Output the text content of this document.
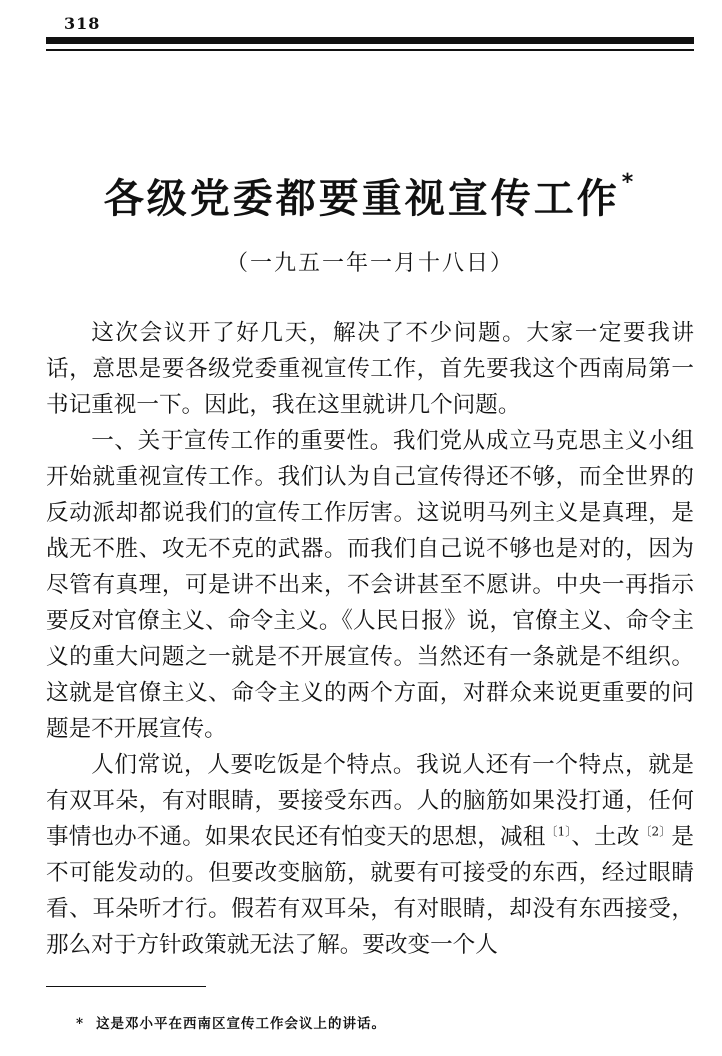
318
各级党委都要重视宣传工作*
（一九五一年一月十八日）

这次会议开了好几天，解决了不少问题。大家一定要我讲话，意思是要各级党委重视宣传工作，首先要我这个西南局第一书记重视一下。因此，我在这里就讲几个问题。

一、关于宣传工作的重要性。我们党从成立马克思主义小组开始就重视宣传工作。我们认为自己宣传得还不够，而全世界的反动派却都说我们的宣传工作厉害。这说明马列主义是真理，是战无不胜、攻无不克的武器。而我们自己说不够也是对的，因为尽管有真理，可是讲不出来，不会讲甚至不愿讲。中央一再指示要反对官僚主义、命令主义。《人民日报》说，官僚主义、命令主义的重大问题之一就是不开展宣传。当然还有一条就是不组织。这就是官僚主义、命令主义的两个方面，对群众来说更重要的问题是不开展宣传。

人们常说，人要吃饭是个特点。我说人还有一个特点，就是有双耳朵，有对眼睛，要接受东西。人的脑筋如果没打通，任何事情也办不通。如果农民还有怕变天的思想，减租$^{〔1〕}$、土改$^{〔2〕}$是不可能发动的。但要改变脑筋，就要有可接受的东西，经过眼睛看、耳朵听才行。假若有双耳朵，有对眼睛，却没有东西接受，那么对于方针政策就无法了解。要改变一个人

* 这是邓小平在西南区宣传工作会议上的讲话。
